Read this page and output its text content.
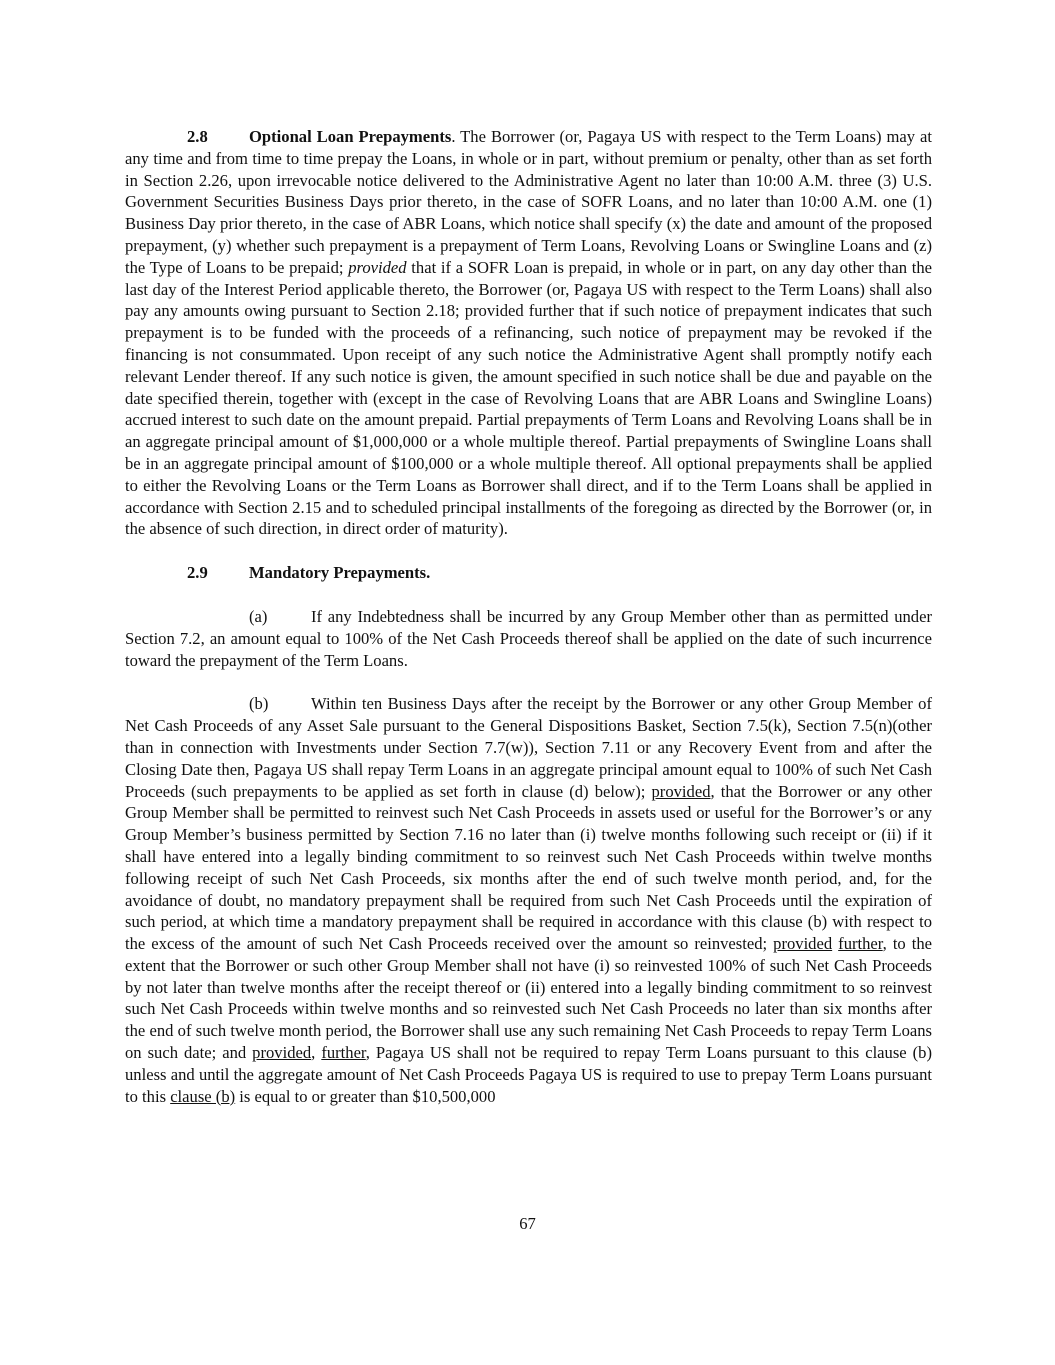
2.8 Optional Loan Prepayments. The Borrower (or, Pagaya US with respect to the Term Loans) may at any time and from time to time prepay the Loans, in whole or in part, without premium or penalty, other than as set forth in Section 2.26, upon irrevocable notice delivered to the Administrative Agent no later than 10:00 A.M. three (3) U.S. Government Securities Business Days prior thereto, in the case of SOFR Loans, and no later than 10:00 A.M. one (1) Business Day prior thereto, in the case of ABR Loans, which notice shall specify (x) the date and amount of the proposed prepayment, (y) whether such prepayment is a prepayment of Term Loans, Revolving Loans or Swingline Loans and (z) the Type of Loans to be prepaid; provided that if a SOFR Loan is prepaid, in whole or in part, on any day other than the last day of the Interest Period applicable thereto, the Borrower (or, Pagaya US with respect to the Term Loans) shall also pay any amounts owing pursuant to Section 2.18; provided further that if such notice of prepayment indicates that such prepayment is to be funded with the proceeds of a refinancing, such notice of prepayment may be revoked if the financing is not consummated. Upon receipt of any such notice the Administrative Agent shall promptly notify each relevant Lender thereof. If any such notice is given, the amount specified in such notice shall be due and payable on the date specified therein, together with (except in the case of Revolving Loans that are ABR Loans and Swingline Loans) accrued interest to such date on the amount prepaid. Partial prepayments of Term Loans and Revolving Loans shall be in an aggregate principal amount of $1,000,000 or a whole multiple thereof. Partial prepayments of Swingline Loans shall be in an aggregate principal amount of $100,000 or a whole multiple thereof. All optional prepayments shall be applied to either the Revolving Loans or the Term Loans as Borrower shall direct, and if to the Term Loans shall be applied in accordance with Section 2.15 and to scheduled principal installments of the foregoing as directed by the Borrower (or, in the absence of such direction, in direct order of maturity).

2.9 Mandatory Prepayments.

(a)	If any Indebtedness shall be incurred by any Group Member other than as permitted under Section 7.2, an amount equal to 100% of the Net Cash Proceeds thereof shall be applied on the date of such incurrence toward the prepayment of the Term Loans.

(b)	Within ten Business Days after the receipt by the Borrower or any other Group Member of Net Cash Proceeds of any Asset Sale pursuant to the General Dispositions Basket, Section 7.5(k), Section 7.5(n)(other than in connection with Investments under Section 7.7(w)), Section 7.11 or any Recovery Event from and after the Closing Date then, Pagaya US shall repay Term Loans in an aggregate principal amount equal to 100% of such Net Cash Proceeds (such prepayments to be applied as set forth in clause (d) below); provided, that the Borrower or any other Group Member shall be permitted to reinvest such Net Cash Proceeds in assets used or useful for the Borrower’s or any Group Member’s business permitted by Section 7.16 no later than (i) twelve months following such receipt or (ii) if it shall have entered into a legally binding commitment to so reinvest such Net Cash Proceeds within twelve months following receipt of such Net Cash Proceeds, six months after the end of such twelve month period, and, for the avoidance of doubt, no mandatory prepayment shall be required from such Net Cash Proceeds until the expiration of such period, at which time a mandatory prepayment shall be required in accordance with this clause (b) with respect to the excess of the amount of such Net Cash Proceeds received over the amount so reinvested; provided further, to the extent that the Borrower or such other Group Member shall not have (i) so reinvested 100% of such Net Cash Proceeds by not later than twelve months after the receipt thereof or (ii) entered into a legally binding commitment to so reinvest such Net Cash Proceeds within twelve months and so reinvested such Net Cash Proceeds no later than six months after the end of such twelve month period, the Borrower shall use any such remaining Net Cash Proceeds to repay Term Loans on such date; and provided, further, Pagaya US shall not be required to repay Term Loans pursuant to this clause (b) unless and until the aggregate amount of Net Cash Proceeds Pagaya US is required to use to prepay Term Loans pursuant to this clause (b) is equal to or greater than $10,500,000

67
